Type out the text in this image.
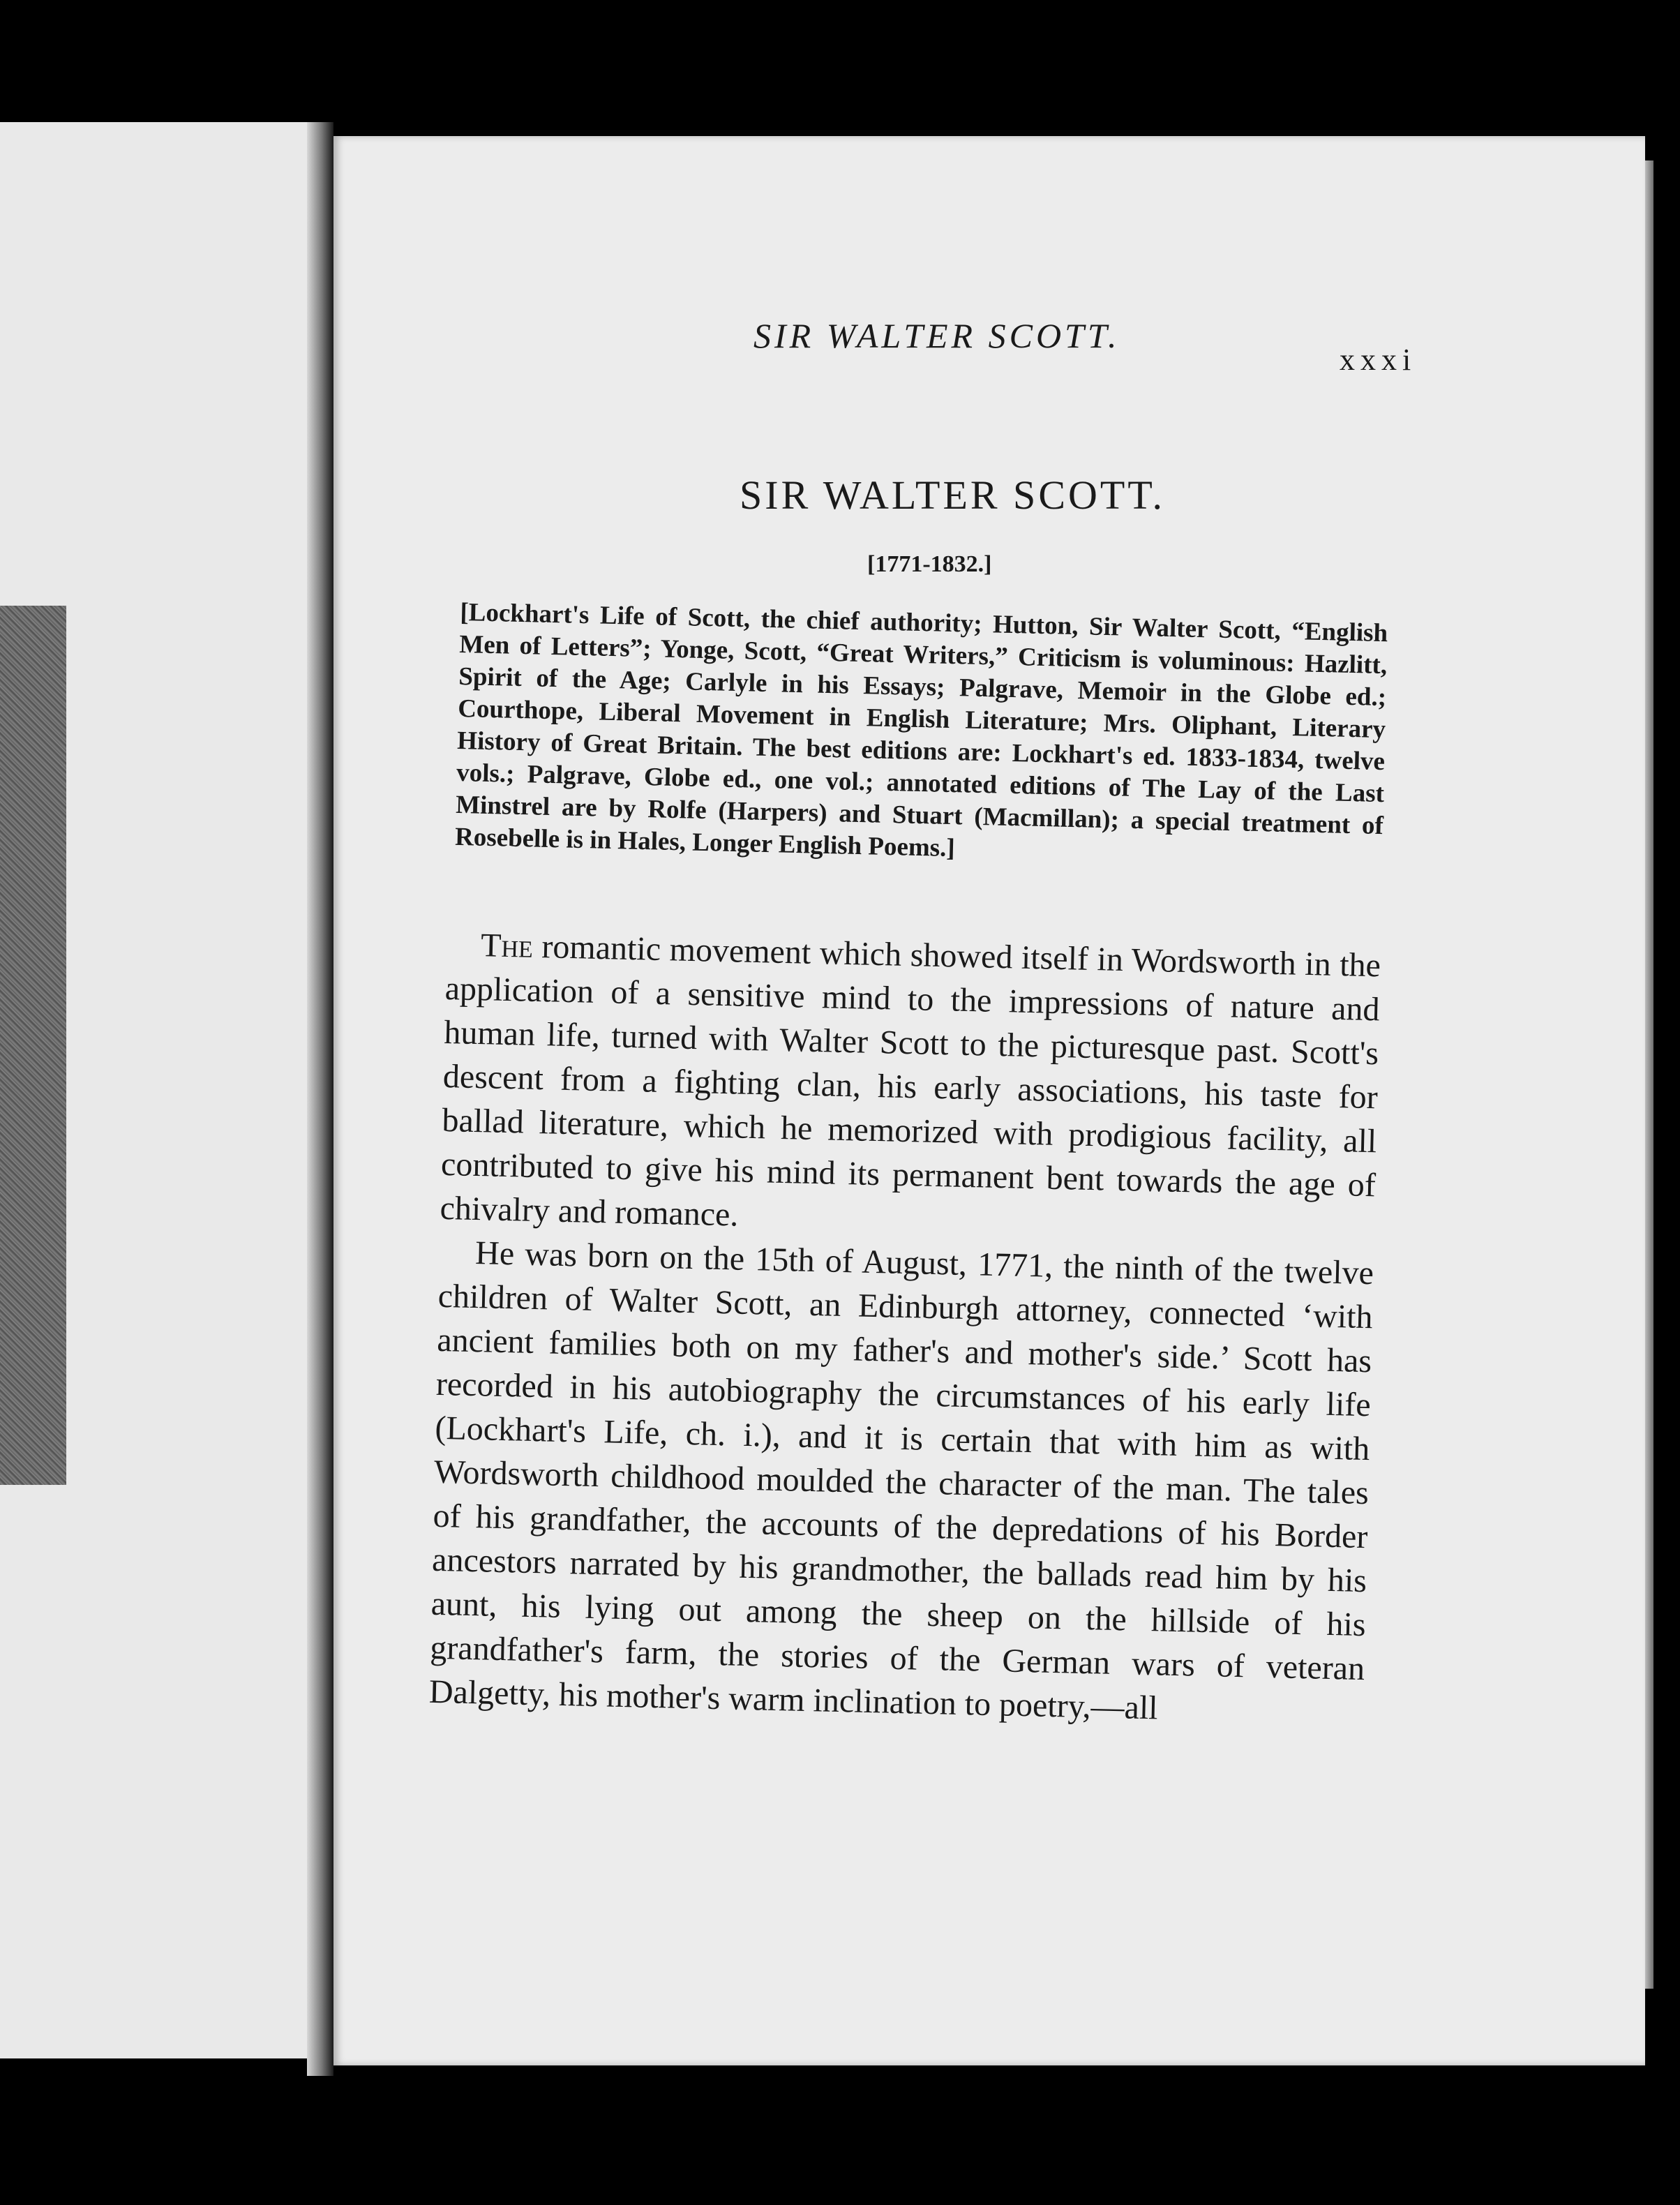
SIR WALTER SCOTT.
xxxi
SIR WALTER SCOTT.
[1771-1832.]

[Lockhart's Life of Scott, the chief authority; Hutton, Sir Walter Scott, “English Men of Letters”; Yonge, Scott, “Great Writers,” Criticism is voluminous: Hazlitt, Spirit of the Age; Carlyle in his Essays; Palgrave, Memoir in the Globe ed.; Courthope, Liberal Movement in English Literature; Mrs. Oliphant, Literary History of Great Britain. The best editions are: Lockhart's ed. 1833-1834, twelve vols.; Palgrave, Globe ed., one vol.; annotated editions of The Lay of the Last Minstrel are by Rolfe (Harpers) and Stuart (Macmillan); a special treatment of Rosebelle is in Hales, Longer English Poems.]

The romantic movement which showed itself in Wordsworth in the application of a sensitive mind to the impressions of nature and human life, turned with Walter Scott to the picturesque past. Scott's descent from a fighting clan, his early associations, his taste for ballad literature, which he memorized with prodigious facility, all contributed to give his mind its permanent bent towards the age of chivalry and romance.

He was born on the 15th of August, 1771, the ninth of the twelve children of Walter Scott, an Edinburgh attorney, connected ‘with ancient families both on my father's and mother's side.’ Scott has recorded in his autobiography the circumstances of his early life (Lockhart's Life, ch. i.), and it is certain that with him as with Wordsworth childhood moulded the character of the man. The tales of his grandfather, the accounts of the depredations of his Border ancestors narrated by his grandmother, the ballads read him by his aunt, his lying out among the sheep on the hillside of his grandfather's farm, the stories of the German wars of veteran Dalgetty, his mother's warm inclination to poetry,—all
